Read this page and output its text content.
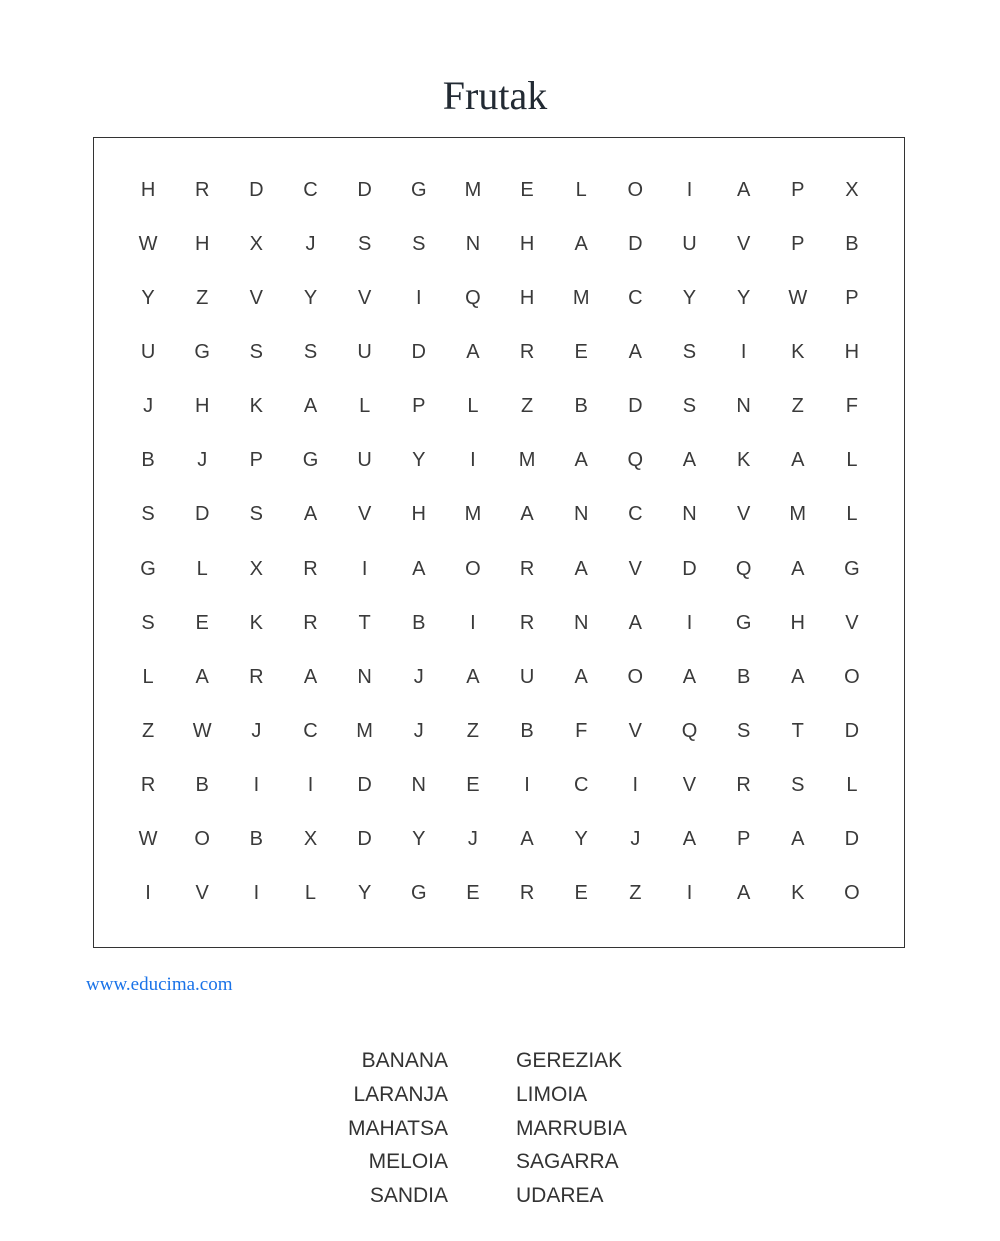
Frutak
H	R	D	C	D	G	M	E	L	O	I	A	P	X
W	H	X	J	S	S	N	H	A	D	U	V	P	B
Y	Z	V	Y	V	I	Q	H	M	C	Y	Y	W	P
U	G	S	S	U	D	A	R	E	A	S	I	K	H
J	H	K	A	L	P	L	Z	B	D	S	N	Z	F
B	J	P	G	U	Y	I	M	A	Q	A	K	A	L
S	D	S	A	V	H	M	A	N	C	N	V	M	L
G	L	X	R	I	A	O	R	A	V	D	Q	A	G
S	E	K	R	T	B	I	R	N	A	I	G	H	V
L	A	R	A	N	J	A	U	A	O	A	B	A	O
Z	W	J	C	M	J	Z	B	F	V	Q	S	T	D
R	B	I	I	D	N	E	I	C	I	V	R	S	L
W	O	B	X	D	Y	J	A	Y	J	A	P	A	D
I	V	I	L	Y	G	E	R	E	Z	I	A	K	O
www.educima.com
BANANA
LARANJA
MAHATSA
MELOIA
SANDIA
GEREZIAK
LIMOIA
MARRUBIA
SAGARRA
UDAREA
